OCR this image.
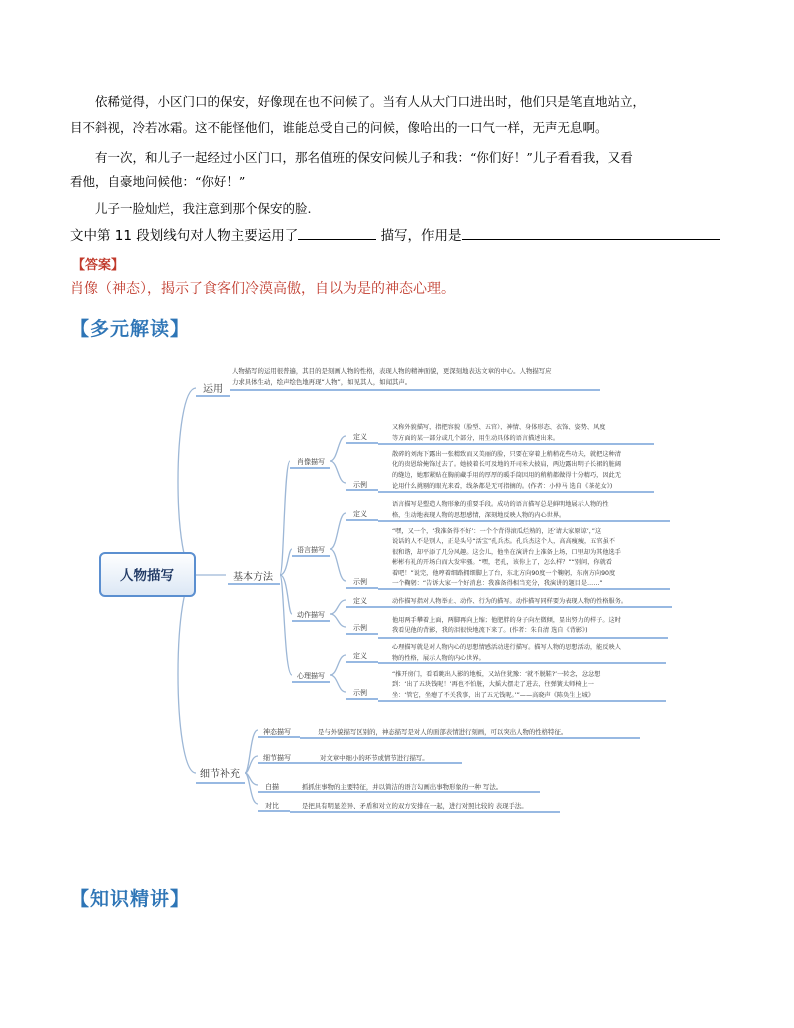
依稀觉得，小区门口的保安，好像现在也不问候了。当有人从大门口进出时，他们只是笔直地站立，
目不斜视，冷若冰霜。这不能怪他们，谁能总受自己的问候，像哈出的一口气一样，无声无息啊。
有一次，和儿子一起经过小区门口，那名值班的保安问候儿子和我：“你们好！”儿子看看我，又看
看他，自豪地问候他：“你好！”
儿子一脸灿烂，我注意到那个保安的脸.
文中第 11 段划线句对人物主要运用了	描写，作用是
【答案】
肖像（神态），揭示了食客们冷漠高傲，自以为是的神态心理。
【多元解读】
人物描写
运用
基本方法
细节补充
人物描写的运用很普遍，其目的是刻画人物的性格，表现人物的精神面貌，更深刻地表达文章的中心。人物描写应
力求具体生动，绘声绘色地再现“人物”，如见其人，如闻其声。
肖像描写
语言描写
动作描写
心理描写
定义
示例
定义
示例
定义
示例
定义
示例
又称外貌描写，指把容貌（脸型、五官）、神情、身体形态、衣饰、姿势、风度
等方面的某一部分或几个部分，用生动具体的语言描述出来。
散碎的刘海下露出一张精致而又美丽的脸，只要在穿着上稍稍花些功夫，就把这种清
化的贵恩给掩饰过去了。她披着长可及地的开司米大披肩，两边露出明子长裙的脏阔
的缝边，她那紧贴在胸前藏手用的厚厚的暖手筒因用的稍稍都做得十分精巧，因此无
论用什么挑剔的眼光来看，线条都是无可指摘的。(作者：小仲马 选自《茶花女》)
语言描写是塑造人物形象的重要手段。成功的语言描写总是鲜明地展示人物的性
格，生动地表现人物的思想感情，深刻地反映人物的内心世界。
“嘿，又一个，‘我准备得不好’：一个个背得滚瓜烂熟的，还‘请大家原谅’，”这
说话的人不是别人，正是头号“活宝”孔兵杰。孔兵杰这个人，高高瘦瘦，五官虽不
很和谐，却平添了几分风趣。这会儿，他坐在演讲台上准备上场，口里却为其他选手
彬彬有礼的开场白而大发牢骚。“嘿，老孔，该你上了，怎么样？”“别问，你就看
着吧！”说完，他哼着细路拥细脚上了台，东北方向90度一个鞠躬，东南方向90度
一个鞠躬：“告诉大家一个好消息：我准备得相当充分，我演讲的题目是……”
动作描写指对人物举止、动作、行为的描写。动作描写同样要为表现人物的性格服务。
他用两手攀着上面，两脚再向上缩；他肥胖的身子向左微倾，显出努力的样子。这时
我看见他的背影，我的泪很快地流下来了。(作者：朱自清 选自《背影》)
心理描写就是对人物内心的思想情感活动进行描写。描写人物的思想活动，能反映人
物的性格，展示人物的内心世界。
“推开房门，看看眺出人影的地板，又站住犹豫：‘就不脱鞋?’一转念，忿忿想
到：‘出了五块钱呢！’再也不怕脏，大摇大摆走了进去，往弹簧太师椅上一
坐：‘管它，坐瘪了不关我事，出了五元钱呢。’”——高晓声《陈奂生上城》
神态描写
细节描写
白描
对比
是与外貌描写区别的，神态描写是对人的面部表情进行刻画，可以突出人物的性格特征。
对文章中细小的环节或情节进行描写。
抓抓住事物的主要特征，并以简洁的语言勾画出事物形象的一种 写法。
是把具有明显差异、矛盾和对立的双方安排在一起，进行对照比较的 表现手法。
【知识精讲】
